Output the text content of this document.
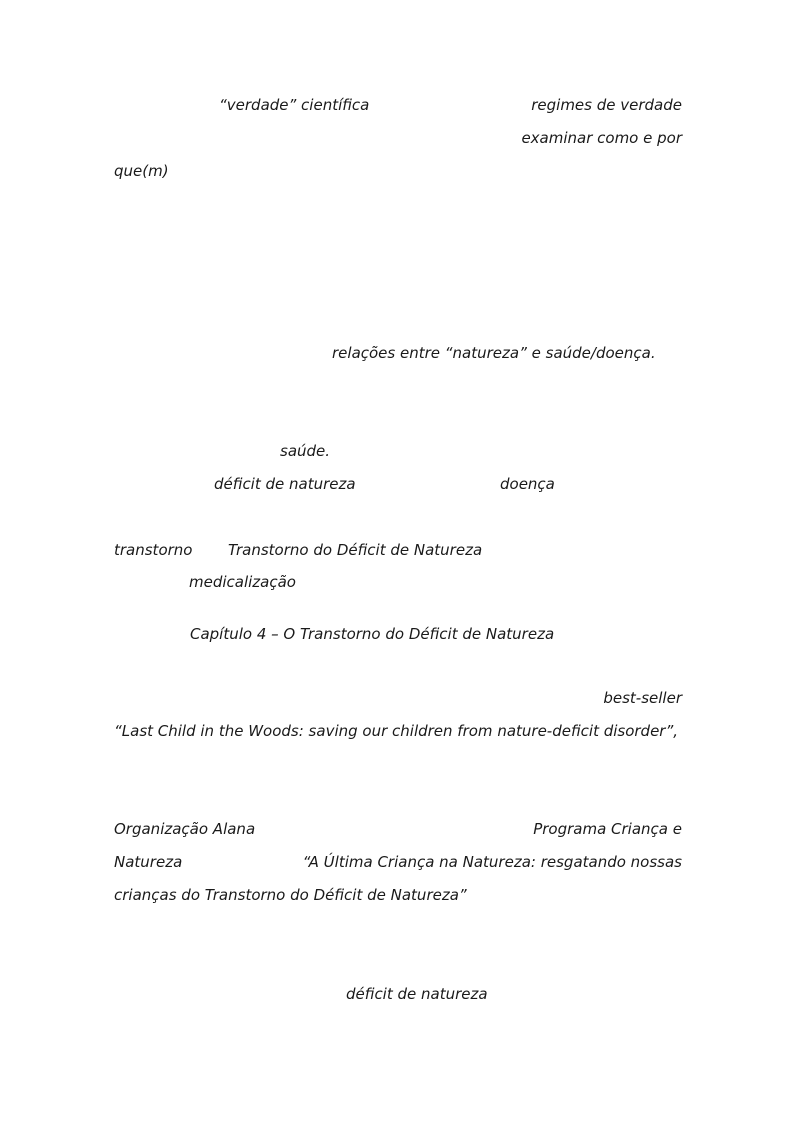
“verdade” científica	regimes de verdade
examinar como e por
que(m)
relações entre “natureza” e saúde/doença.
saúde.
déficit de natureza	doença
transtorno Transtorno do Déficit de Natureza
medicalização
Capítulo 4 – O Transtorno do Déficit de Natureza
best-seller
“Last Child in the Woods: saving our children from nature-deficit disorder”,
Organização Alana	Programa Criança e
Natureza	“A Última Criança na Natureza: resgatando nossas
crianças do Transtorno do Déficit de Natureza”
déficit de natureza
